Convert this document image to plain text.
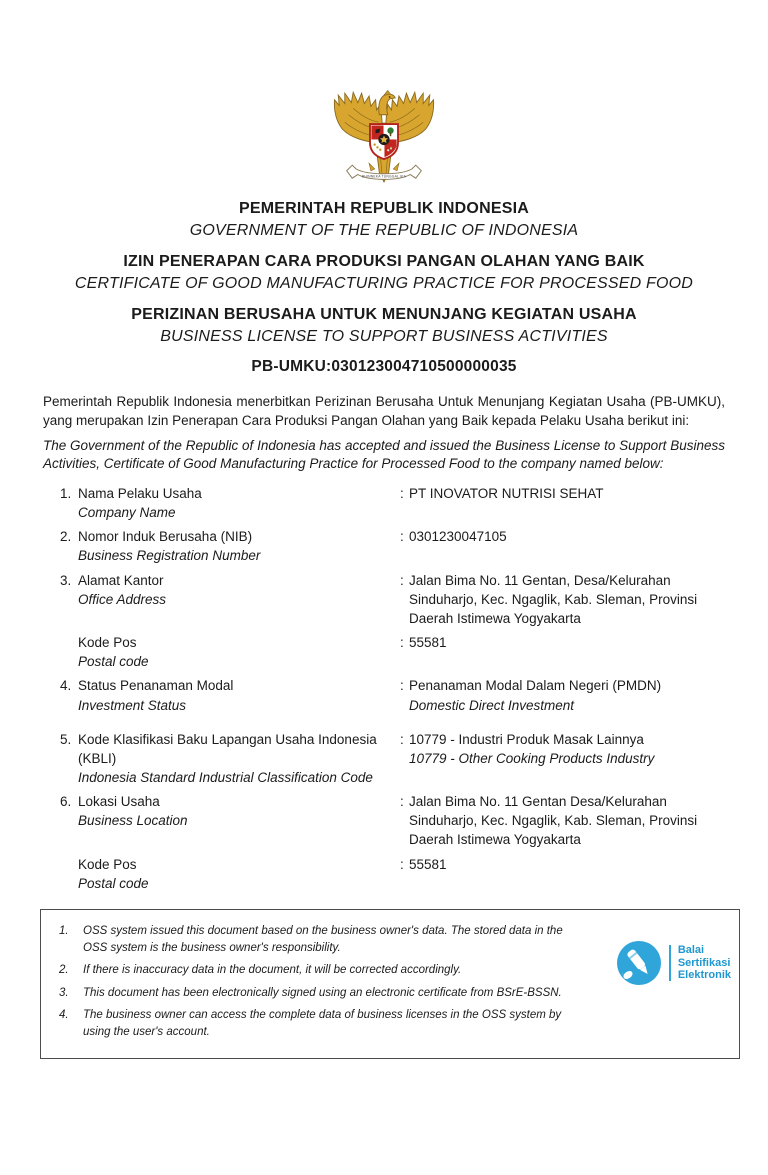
BHINNEKA TUNGGAL IKA
PEMERINTAH REPUBLIK INDONESIA
GOVERNMENT OF THE REPUBLIC OF INDONESIA
IZIN PENERAPAN CARA PRODUKSI PANGAN OLAHAN YANG BAIK
CERTIFICATE OF GOOD MANUFACTURING PRACTICE FOR PROCESSED FOOD
PERIZINAN BERUSAHA UNTUK MENUNJANG KEGIATAN USAHA
BUSINESS LICENSE TO SUPPORT BUSINESS ACTIVITIES
PB-UMKU:030123004710500000035

Pemerintah Republik Indonesia menerbitkan Perizinan Berusaha Untuk Menunjang Kegiatan Usaha (PB-UMKU), yang merupakan Izin Penerapan Cara Produksi Pangan Olahan yang Baik kepada Pelaku Usaha berikut ini:

The Government of the Republic of Indonesia has accepted and issued the Business License to Support Business Activities, Certificate of Good Manufacturing Practice for Processed Food to the company named below:

1. Nama Pelaku Usaha
Company Name
: PT INOVATOR NUTRISI SEHAT
2. Nomor Induk Berusaha (NIB)
Business Registration Number
: 0301230047105
3. Alamat Kantor
Office Address
: Jalan Bima No. 11 Gentan, Desa/Kelurahan Sinduharjo, Kec. Ngaglik, Kab. Sleman, Provinsi Daerah Istimewa Yogyakarta
Kode Pos
Postal code
: 55581
4. Status Penanaman Modal
Investment Status
: Penanaman Modal Dalam Negeri (PMDN)
Domestic Direct Investment
5. Kode Klasifikasi Baku Lapangan Usaha Indonesia (KBLI)
Indonesia Standard Industrial Classification Code
: 10779 - Industri Produk Masak Lainnya
10779 - Other Cooking Products Industry
6. Lokasi Usaha
Business Location
: Jalan Bima No. 11 Gentan Desa/Kelurahan Sinduharjo, Kec. Ngaglik, Kab. Sleman, Provinsi Daerah Istimewa Yogyakarta
Kode Pos
Postal code
: 55581
1.	OSS system issued this document based on the business owner's data. The stored data in the OSS system is the business owner's responsibility.
2.	If there is inaccuracy data in the document, it will be corrected accordingly.
3.	This document has been electronically signed using an electronic certificate from BSrE-BSSN.
4.	The business owner can access the complete data of business licenses in the OSS system by using the user's account.
Balai
Sertifikasi
Elektronik
